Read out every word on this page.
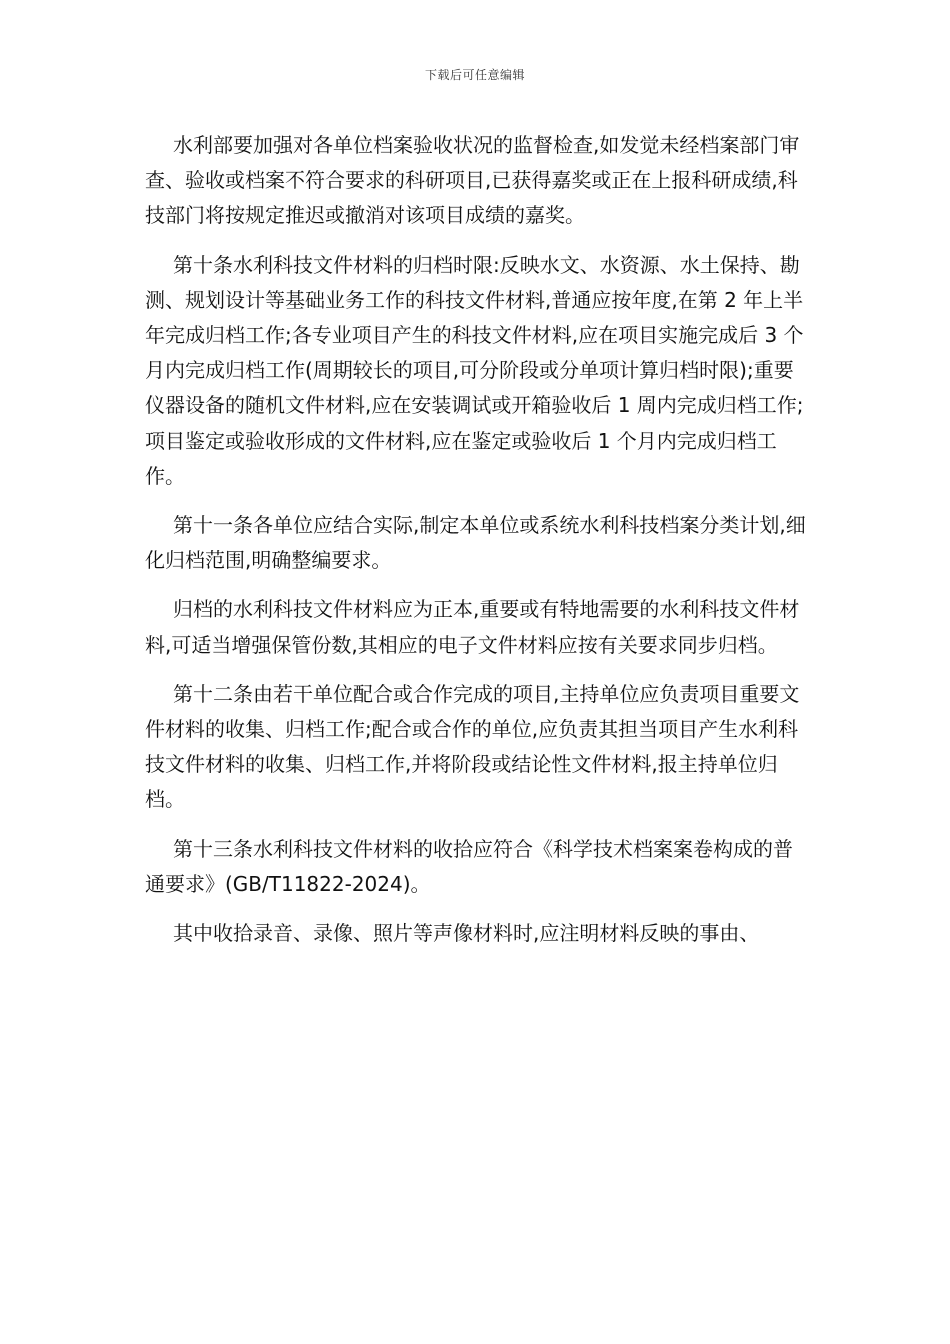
下载后可任意编辑

水利部要加强对各单位档案验收状况的监督检查,如发觉未经档案部门审查、验收或档案不符合要求的科研项目,已获得嘉奖或正在上报科研成绩,科技部门将按规定推迟或撤消对该项目成绩的嘉奖。

第十条水利科技文件材料的归档时限:反映水文、水资源、水土保持、勘测、规划设计等基础业务工作的科技文件材料,普通应按年度,在第 2 年上半年完成归档工作;各专业项目产生的科技文件材料,应在项目实施完成后 3 个月内完成归档工作(周期较长的项目,可分阶段或分单项计算归档时限);重要仪器设备的随机文件材料,应在安装调试或开箱验收后 1 周内完成归档工作;项目鉴定或验收形成的文件材料,应在鉴定或验收后 1 个月内完成归档工作。

第十一条各单位应结合实际,制定本单位或系统水利科技档案分类计划,细化归档范围,明确整编要求。

归档的水利科技文件材料应为正本,重要或有特地需要的水利科技文件材料,可适当增强保管份数,其相应的电子文件材料应按有关要求同步归档。

第十二条由若干单位配合或合作完成的项目,主持单位应负责项目重要文件材料的收集、归档工作;配合或合作的单位,应负责其担当项目产生水利科技文件材料的收集、归档工作,并将阶段或结论性文件材料,报主持单位归档。

第十三条水利科技文件材料的收拾应符合《科学技术档案案卷构成的普通要求》(GB/T11822-2024)。

其中收拾录音、录像、照片等声像材料时,应注明材料反映的事由、
